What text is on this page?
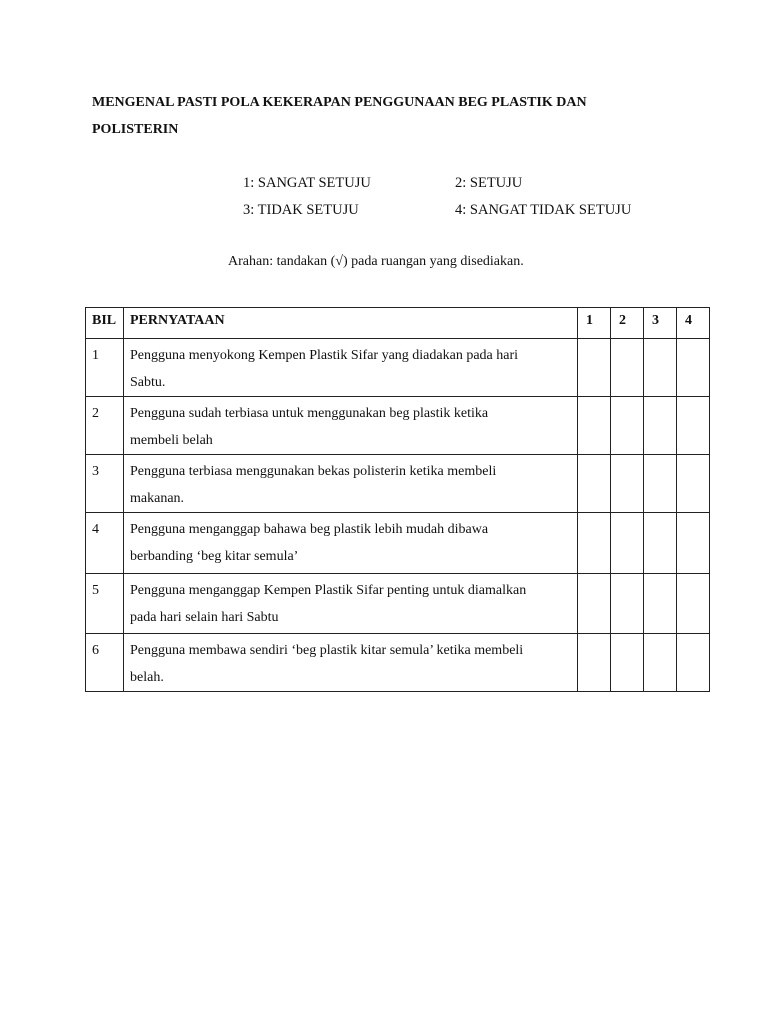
MENGENAL PASTI POLA KEKERAPAN PENGGUNAAN BEG PLASTIK DAN

POLISTERIN

1: SANGAT SETUJU	2: SETUJU
3: TIDAK SETUJU	4: SANGAT TIDAK SETUJU
Arahan: tandakan (√) pada ruangan yang disediakan.
BIL	PERNYATAAN	1	2	3	4

1	Pengguna menyokong Kempen Plastik Sifar yang diadakan pada hari
Sabtu.				

2	Pengguna sudah terbiasa untuk menggunakan beg plastik ketika
membeli belah				

3	Pengguna terbiasa menggunakan bekas polisterin ketika membeli
makanan.				

4	Pengguna menganggap bahawa beg plastik lebih mudah dibawa
berbanding ‘beg kitar semula’				

5	Pengguna menganggap Kempen Plastik Sifar penting untuk diamalkan
pada hari selain hari Sabtu				

6	Pengguna membawa sendiri ‘beg plastik kitar semula’ ketika membeli
belah.				
